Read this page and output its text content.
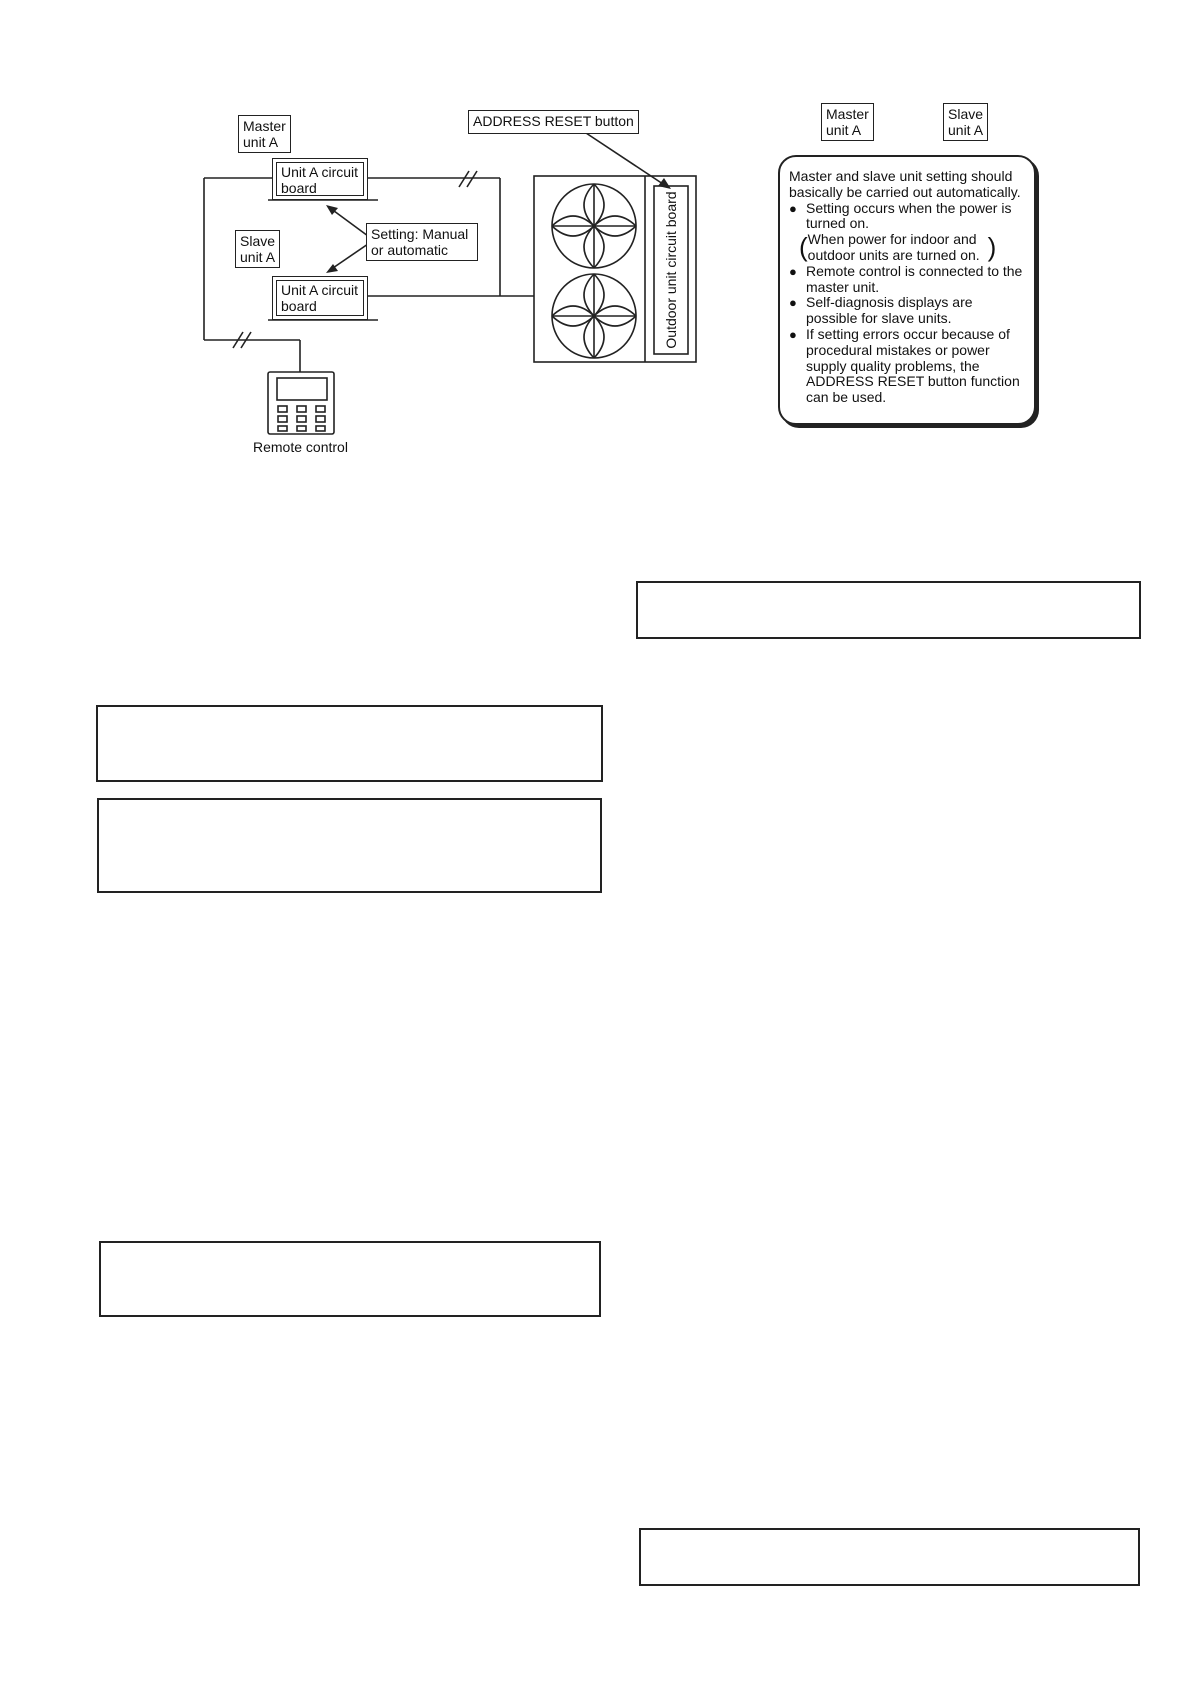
Master
unit A
Unit A circuit
board
Slave
unit A
Unit A circuit
board
Setting: Manual
or automatic
ADDRESS RESET button
Outdoor unit circuit board
Remote control
Master
unit A
Slave
unit A

Master and slave unit setting should basically be carried out automatically.

● Setting occurs when the power is turned on.
( When power for indoor and outdoor units are turned on. )
● Remote control is connected to the master unit.
● Self-diagnosis displays are possible for slave units.
● If setting errors occur because of procedural mistakes or power supply quality problems, the ADDRESS RESET button function can be used.
